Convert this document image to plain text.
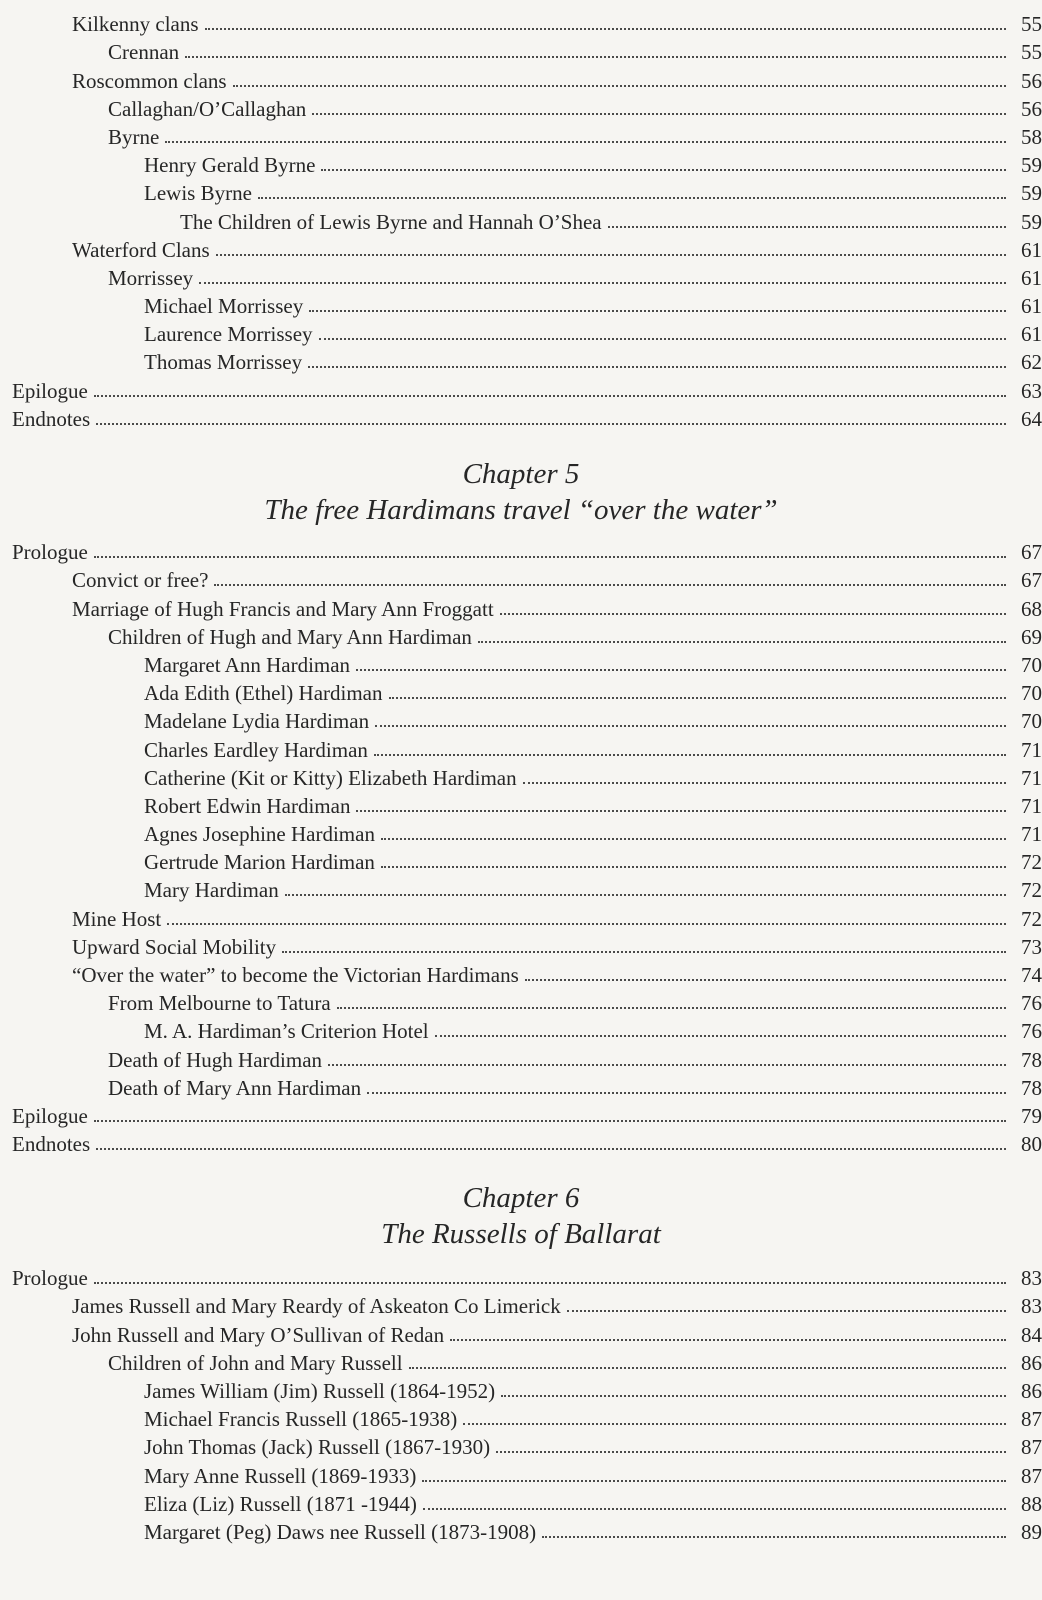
Kilkenny clans	55
Crennan	55
Roscommon clans	56
Callaghan/O’Callaghan	56
Byrne	58
Henry Gerald Byrne	59
Lewis Byrne	59
The Children of Lewis Byrne and Hannah O’Shea	59
Waterford Clans	61
Morrissey	61
Michael Morrissey	61
Laurence Morrissey	61
Thomas Morrissey	62
Epilogue	63
Endnotes	64
Chapter 5
The free Hardimans travel “over the water”
Prologue	67
Convict or free?	67
Marriage of Hugh Francis and Mary Ann Froggatt	68
Children of Hugh and Mary Ann Hardiman	69
Margaret Ann Hardiman	70
Ada Edith (Ethel) Hardiman	70
Madelane Lydia Hardiman	70
Charles Eardley Hardiman	71
Catherine (Kit or Kitty) Elizabeth Hardiman	71
Robert Edwin Hardiman	71
Agnes Josephine Hardiman	71
Gertrude Marion Hardiman	72
Mary Hardiman	72
Mine Host	72
Upward Social Mobility	73
“Over the water” to become the Victorian Hardimans	74
From Melbourne to Tatura	76
M. A. Hardiman’s Criterion Hotel	76
Death of Hugh Hardiman	78
Death of Mary Ann Hardiman	78
Epilogue	79
Endnotes	80
Chapter 6
The Russells of Ballarat
Prologue	83
James Russell and Mary Reardy of Askeaton Co Limerick	83
John Russell and Mary O’Sullivan of Redan	84
Children of John and Mary Russell	86
James William (Jim) Russell (1864-1952)	86
Michael Francis Russell (1865-1938)	87
John Thomas (Jack) Russell (1867-1930)	87
Mary Anne Russell (1869-1933)	87
Eliza (Liz) Russell (1871 -1944)	88
Margaret (Peg) Daws nee Russell (1873-1908)	89
